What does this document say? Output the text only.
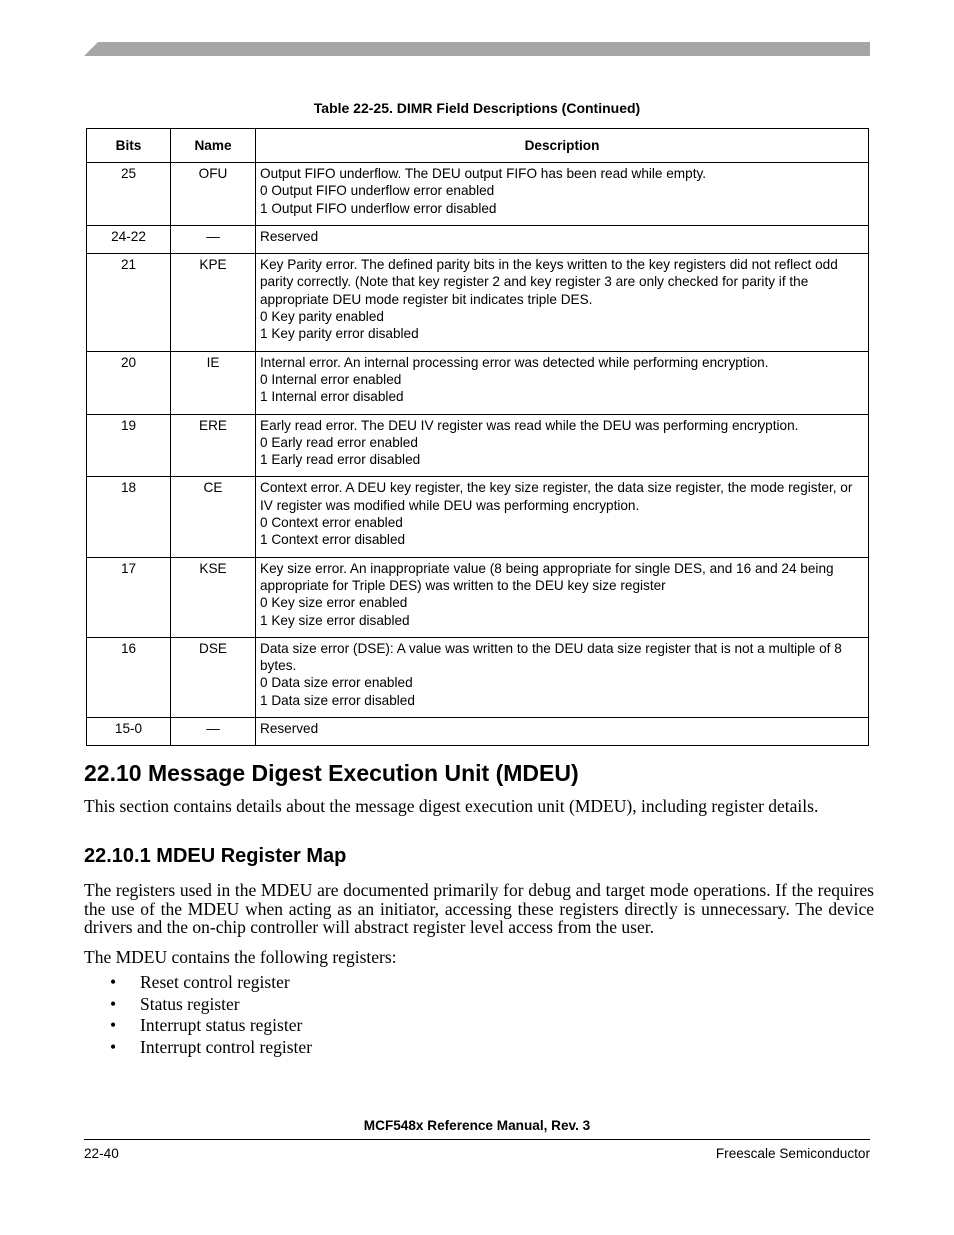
Table 22-25. DIMR Field Descriptions (Continued)
Bits	Name	Description
25	OFU	Output FIFO underflow. The DEU output FIFO has been read while empty.
0 Output FIFO underflow error enabled
1 Output FIFO underflow error disabled

24-22	—	Reserved

21	KPE	Key Parity error. The defined parity bits in the keys written to the key registers did not reflect odd parity correctly. (Note that key register 2 and key register 3 are only checked for parity if the appropriate DEU mode register bit indicates triple DES.
0 Key parity enabled
1 Key parity error disabled

20	IE	Internal error. An internal processing error was detected while performing encryption.
0 Internal error enabled
1 Internal error disabled

19	ERE	Early read error. The DEU IV register was read while the DEU was performing encryption.
0 Early read error enabled
1 Early read error disabled

18	CE	Context error. A DEU key register, the key size register, the data size register, the mode register, or IV register was modified while DEU was performing encryption.
0 Context error enabled
1 Context error disabled

17	KSE	Key size error. An inappropriate value (8 being appropriate for single DES, and 16 and 24 being appropriate for Triple DES) was written to the DEU key size register
0 Key size error enabled
1 Key size error disabled

16	DSE	Data size error (DSE): A value was written to the DEU data size register that is not a multiple of 8 bytes.
0 Data size error enabled
1 Data size error disabled

15-0	—	Reserved
22.10 Message Digest Execution Unit (MDEU)

This section contains details about the message digest execution unit (MDEU), including register details.

22.10.1 MDEU Register Map

The registers used in the MDEU are documented primarily for debug and target mode operations. If the requires the use of the MDEU when acting as an initiator, accessing these registers directly is unnecessary. The device drivers and the on-chip controller will abstract register level access from the user.

The MDEU contains the following registers:

• Reset control register
• Status register
• Interrupt status register
• Interrupt control register
MCF548x Reference Manual, Rev. 3
22-40	Freescale Semiconductor
